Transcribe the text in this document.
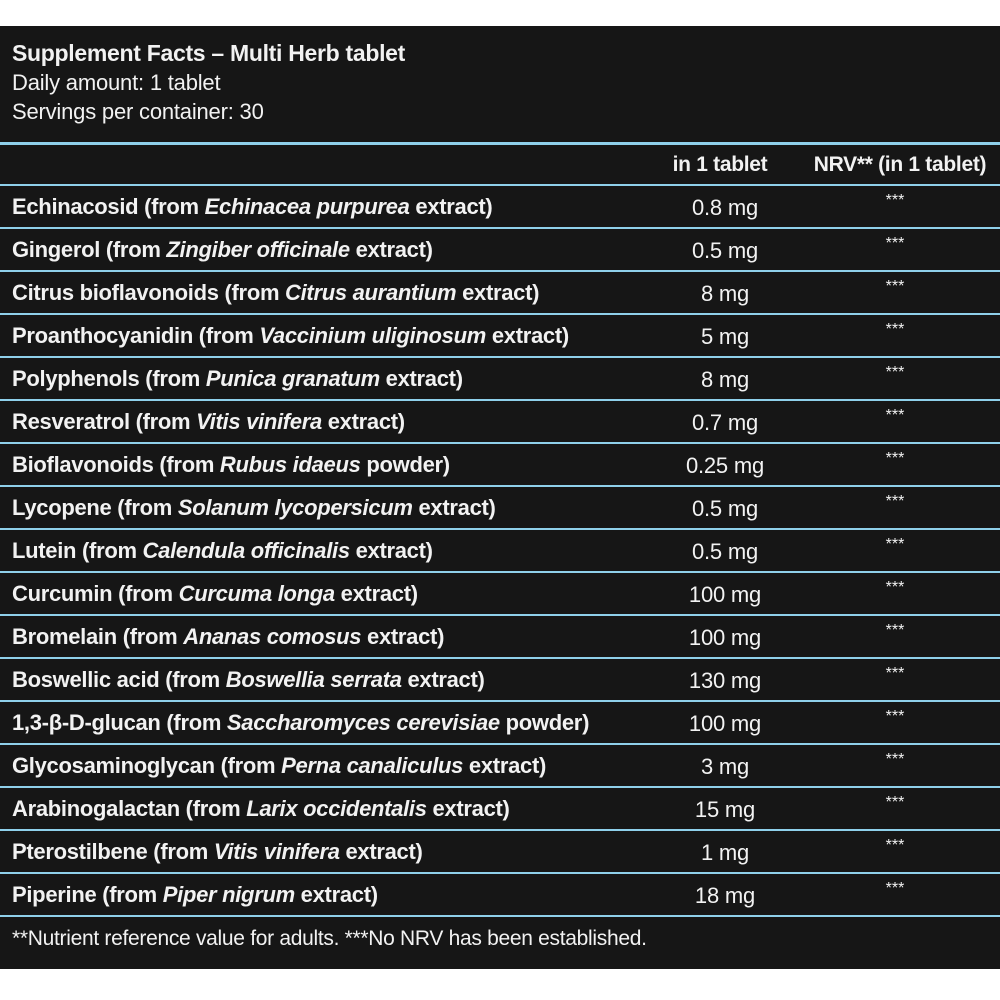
Supplement Facts – Multi Herb tablet
Daily amount: 1 tablet
Servings per container: 30
in 1 tablet	NRV** (in 1 tablet)
Echinacosid (from Echinacea purpurea extract)	0.8 mg	***
Gingerol (from Zingiber officinale extract)	0.5 mg	***
Citrus bioflavonoids (from Citrus aurantium extract)	8 mg	***
Proanthocyanidin (from Vaccinium uliginosum extract)	5 mg	***
Polyphenols (from Punica granatum extract)	8 mg	***
Resveratrol (from Vitis vinifera extract)	0.7 mg	***
Bioflavonoids (from Rubus idaeus powder)	0.25 mg	***
Lycopene (from Solanum lycopersicum extract)	0.5 mg	***
Lutein (from Calendula officinalis extract)	0.5 mg	***
Curcumin (from Curcuma longa extract)	100 mg	***
Bromelain (from Ananas comosus extract)	100 mg	***
Boswellic acid (from Boswellia serrata extract)	130 mg	***
1,3-β-D-glucan (from Saccharomyces cerevisiae powder)	100 mg	***
Glycosaminoglycan (from Perna canaliculus extract)	3 mg	***
Arabinogalactan (from Larix occidentalis extract)	15 mg	***
Pterostilbene (from Vitis vinifera extract)	1 mg	***
Piperine (from Piper nigrum extract)	18 mg	***
**Nutrient reference value for adults. ***No NRV has been established.
